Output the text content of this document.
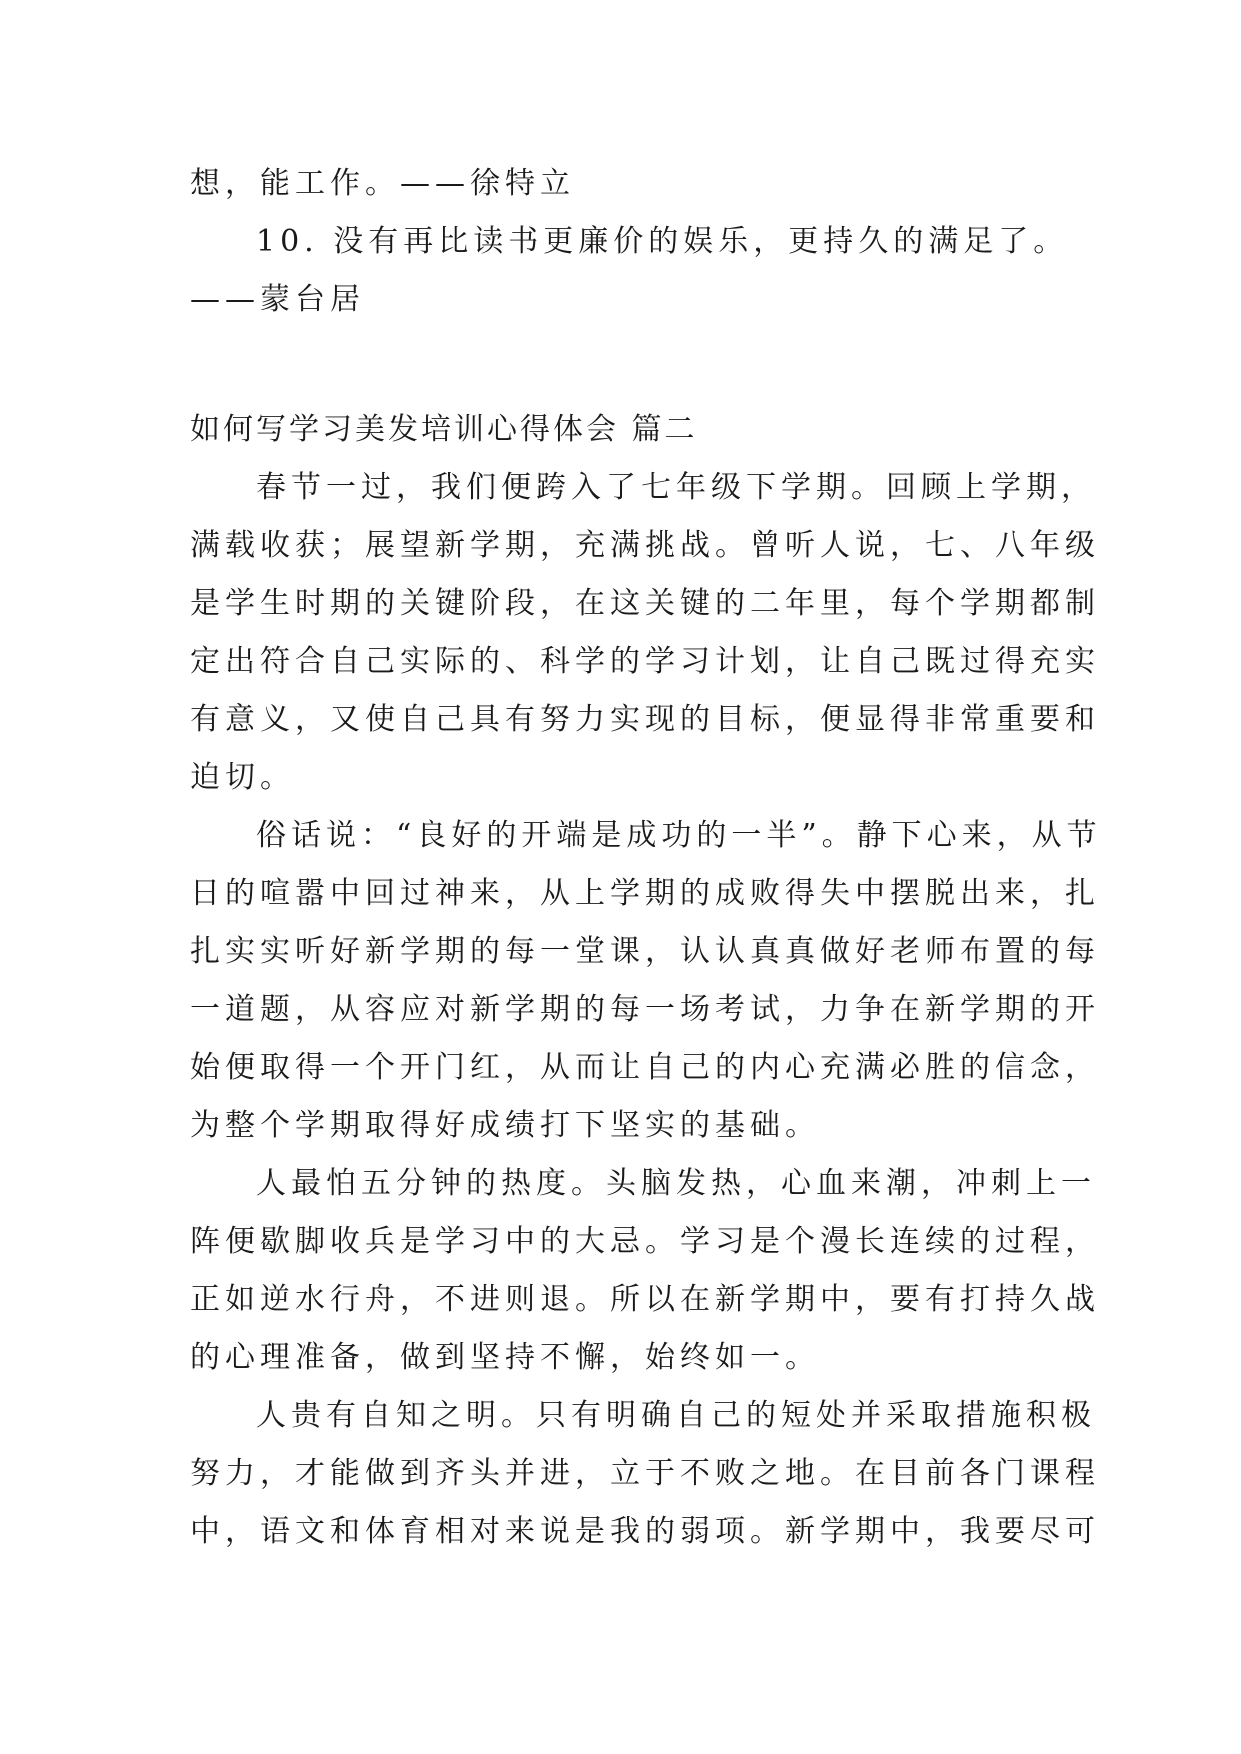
想，能工作。——徐特立

10. 没有再比读书更廉价的娱乐，更持久的满足了。

——蒙台居

如何写学习美发培训心得体会 篇二

春节一过，我们便跨入了七年级下学期。回顾上学期，

满载收获；展望新学期，充满挑战。曾听人说，七、八年级

是学生时期的关键阶段，在这关键的二年里，每个学期都制

定出符合自己实际的、科学的学习计划，让自己既过得充实

有意义，又使自己具有努力实现的目标，便显得非常重要和

迫切。

俗话说：“良好的开端是成功的一半”。静下心来，从节

日的喧嚣中回过神来，从上学期的成败得失中摆脱出来，扎

扎实实听好新学期的每一堂课，认认真真做好老师布置的每

一道题，从容应对新学期的每一场考试，力争在新学期的开

始便取得一个开门红，从而让自己的内心充满必胜的信念，

为整个学期取得好成绩打下坚实的基础。

人最怕五分钟的热度。头脑发热，心血来潮，冲刺上一

阵便歇脚收兵是学习中的大忌。学习是个漫长连续的过程，

正如逆水行舟，不进则退。所以在新学期中，要有打持久战

的心理准备，做到坚持不懈，始终如一。

人贵有自知之明。只有明确自己的短处并采取措施积极

努力，才能做到齐头并进，立于不败之地。在目前各门课程

中，语文和体育相对来说是我的弱项。新学期中，我要尽可
